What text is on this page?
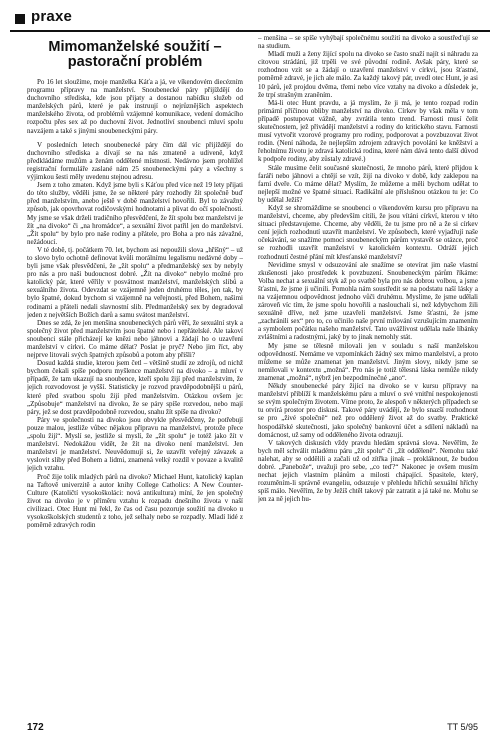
praxe
Mimomanželské soužití –
pastorační problém

Po 16 let sloužíme, moje manželka Káťa a já, ve víkendovém diecézním programu přípravy na manželství. Snoubenecké páry přijíždějí do duchovního střediska, kde jsou přijaty a dostanou nabídku služeb od manželských párů, které je pak instruují o nejrůznějších aspektech manželského života, od problémů vzájemné komunikace, vedení domácího rozpočtu přes sex až po duchovní život. Jednotliví snoubenci mluví spolu navzájem a také s jinými snoubeneckými páry.

V posledních letech snoubenecké páry čím dál víc přijíždějí do duchovního střediska a dívají se na nás zmateně a udiveně, když předkládáme mužům a ženám oddělené místnosti. Nedávno jsem prohlížel registrační formuláře zaslané nám 25 snoubeneckými páry a všechny s výjimkou šesti měly uvedenu stejnou adresu.

Jsem z toho zmaten. Když jsme byli s Káťou před více než 19 lety přijati do této služby, věděli jsme, že se některé páry rozhodly žít společně buď před manželstvím, anebo ještě v době manželství hovořili. Byl to závažný způsob, jak opovrhovat rodičovskými hodnotami a plivat do očí společnosti. My jsme se však drželi tradičního přesvědčení, že žít spolu bez manželství je žít „na divoko“ či „na hromádce“, a sexuální život patřil jen do manželství. „Žít spolu“ by bylo pro naše rodiny a přátele, pro Boha a pro nás závažné, nežádoucí.

V té době, tj. počátkem 70. let, bychom asi nepoužili slova „hříšný“ – už to slovo bylo ochotně definovat kvůli morálnímu legalismu nedávné doby – byli jsme však přesvědčeni, že „žít spolu“ a předmanželský sex by nebyly pro nás a pro naši budoucnost dobré. „Žít na divoko“ nebylo možné pro katolický pár, které věřily v posvátnost manželství, manželských slibů a sexuálního života. Odevzdat se vzájemně jeden druhému těles, jen tak, by bylo špatné, dokud bychom si vzájemně na veřejnosti, před Bohem, našimi rodinami a přáteli nedali slavnostní slib. Předmanželský sex by degradoval jeden z největších Božích darů a samu svátost manželství.

Dnes se zdá, že jen menšina snoubeneckých párů věří, že sexuální styk a společný život před manželstvím jsou špatné nebo i nepřátelské. Ale takoví snoubenci stále přicházejí ke knězi nebo jáhnovi a žádají ho o uzavření manželství v církvi. Co máme dělat? Poslat je pryč? Nebo jim říct, aby nejprve litovali svých špatných způsobů a potom aby přišli?

Dosud každá studie, kterou jsem četl – většině studií ze zdrojů, od nichž bychom čekali spíše podporu myšlence manželství na divoko – a mluví v případě, že tam ukazují na snoubence, kteří spolu žijí před manželstvím, že jejich rozvodovost je vyšší. Statisticky je rozvod pravděpodobnější u párů, které před svatbou spolu žijí před manželstvím. Otázkou ovšem je: „Způsobuje“ manželství na divoko, že se páry spíše rozvedou, nebo mají páry, jež se dost pravděpodobně rozvedou, snahu žít spíše na divoko?

Páry ve společnosti na divoko jsou obvykle přesvědčeny, že potřebují pouze malou, jestliže vůbec nějakou přípravu na manželství, protože přece „spolu žijí“. Myslí se, jestliže si myslí, že „žít spolu“ je totéž jako žít v manželství. Nedokážou vidět, že žít na divoko není manželství. Jen manželství je manželství. Neuvědomují si, že uzavřít veřejný závazek a vyslovit sliby před Bohem a lidmi, znamená velký rozdíl v povaze a kvalitě jejich vztahu.

Proč žije tolik mladých párů na divoko? Michael Hunt, katolický kaplan na Taftově univerzitě a autor knihy College Catholics: A New Counter-Culture (Katoličtí vysokoškoláci: nová antikultura) míní, že jen společný život na divoko je v příměru vztahu k rozpadu dnešního života v naší civilizaci. Otec Hunt mi řekl, že čas od času pozoruje soužití na divoko u vysokoškolských studentů z toho, jež selhaly nebo se rozpadly. Mladí lidé z poměrně zdravých rodin

– menšina – se spíše vyhýbají společnému soužití na divoko a soustřeďují se na studium.

Mladí muži a ženy žijící spolu na divoko se často snaží najít si náhradu za citovou strádání, již trpěli ve své původní rodině. Avšak páry, které se rozhodnou vzít se a žádají o uzavření manželství v církvi, jsou šťastné, poměrně zdravé, je jich ale málo. Za každý takový pár, uvedl otec Hunt, je asi 10 párů, jež projdou dvěma, třemi nebo více vztahy na divoko a důsledek je, že trpí strašným zraněním.

Má-li otec Hunt pravdu, a já myslím, že ji má, je tento rozpad rodin primární příčinou obliby manželství na divoko. Církev by však měla v tom případě postupovat vážně, aby zvrátila tento trend. Farnosti musí čelit skutečnostem, jež přivádějí manželství a rodiny do kritického stavu. Farnosti musí vytvořit vzorové programy pro rodiny, podporovat a povzbuzovat život rodin. (Není náhoda, že nejlepším zdrojem zdravých povolání ke kněžství a řeholnímu životu je zdravá katolická rodina, které nám dává tento další důvod k podpoře rodiny, aby zůstaly zdravé.)

Stále musíme čelit současné skutečnosti, že mnoho párů, které přijdou k faráři nebo jáhnovi a chtějí se vzít, žijí na divoko v době, kdy zaklepou na farní dveře. Co máme dělat? Myslím, že můžeme a měli bychom udělat to nejlepší možné ve špatné situaci. Radikální ale příslušnou otázkou tu je: Co by udělal Ježíš?

Když se shromáždíme se snoubenci o víkendovém kursu pro přípravu na manželství, chceme, aby především cítili, že jsou vítáni církví, kterou v této situaci představujeme. Chceme, aby věděli, že tu jsme pro ně a že si církev cení jejich rozhodnutí uzavřít manželství. Ve způsobech, které vyjadřují naše očekávání, se snažíme pomoci snoubeneckým párům vystavět se otázce, proč se rozhodli uzavřít manželství v katolickém kontextu. Odráží jejich rozhodnutí čestné přání mít křesťanské manželství?

Nevidíme smysl v odsuzování ale snažíme se otevírat jim naše vlastní zkušenosti jako prostředek k povzbuzení. Snoubeneckým párům říkáme: Volba nechat a sexuální styk až po svatbě byla pro nás dobrou volbou, a jsme šťastni, že jsme ji učinili. Pomohla nám soustředit se na podstatu naší lásky a na vzájemnou odpovědnost jednoho vůči druhému. Myslíme, že jsme udělali zároveň víc tím, že jsme spolu hovořili a naslouchali si, než kdybychom žili sexuálně dříve, než jsme uzavřeli manželství. Jsme šťastni, že jsme „zachránili sex“ pro to, co učinilo naše první milování vzrušujícím znamením a symbolem počátku našeho manželství. Tato uvážlivost udělala naše líbánky zvláštními a radostnými, jaký by to jinak nemohly stát.

My jsme se tělesně milovali jen v souladu s naší manželskou odpovědností. Nemáme ve vzpomínkách žádný sex mimo manželství, a proto můžeme se může znamenat jen manželství. Jiným slovy, nikdy jsme se nemilovali v kontextu „možná“. Pro nás je totiž tělesná láska nemůže nikdy znamenat „možná“, nýbrž jen bezpodmínečné „ano“.

Někdy snoubenecké páry žijící na divoko se v kursu přípravy na manželství přiblíží k manželskému páru a mluví o své vnitřní nespokojenosti se svým společným životem. Víme proto, že alespoň v některých případech se tu otvírá prostor pro diskusi. Takové páry uvádějí, že bylo snazší rozhodnout se pro „živé společně“ než pro oddělený život až do svatby. Praktické hospodářské skutečnosti, jako společný bankovní účet a sdílení nákladů na domácnost, už samy od odděleného života odrazují.

V takových diskusích vždy pravdu hledám správná slova. Nevěřím, že bych měl schválit mladému páru „žít spolu“ či „žít odděleně“. Nemohu také nalehat, aby se oddělili a začali už od zítřka jinak – prokláknout, že budou dobré. „Panebože“, uvažuji pro sebe, „co teď?“ Nakonec je ovšem musím nechat jejich vlastním plánům a milosti chápající. Spasitele, který, rozuměním-li správně evangeliu, odsuzuje v přehledu hříchů sexuální hříchy spíš málo. Nevěřím, že by Ježíš chtěl takový pár zatratit a já také ne. Mohu se jen za ně jejich hu-

172	TT 5/95
